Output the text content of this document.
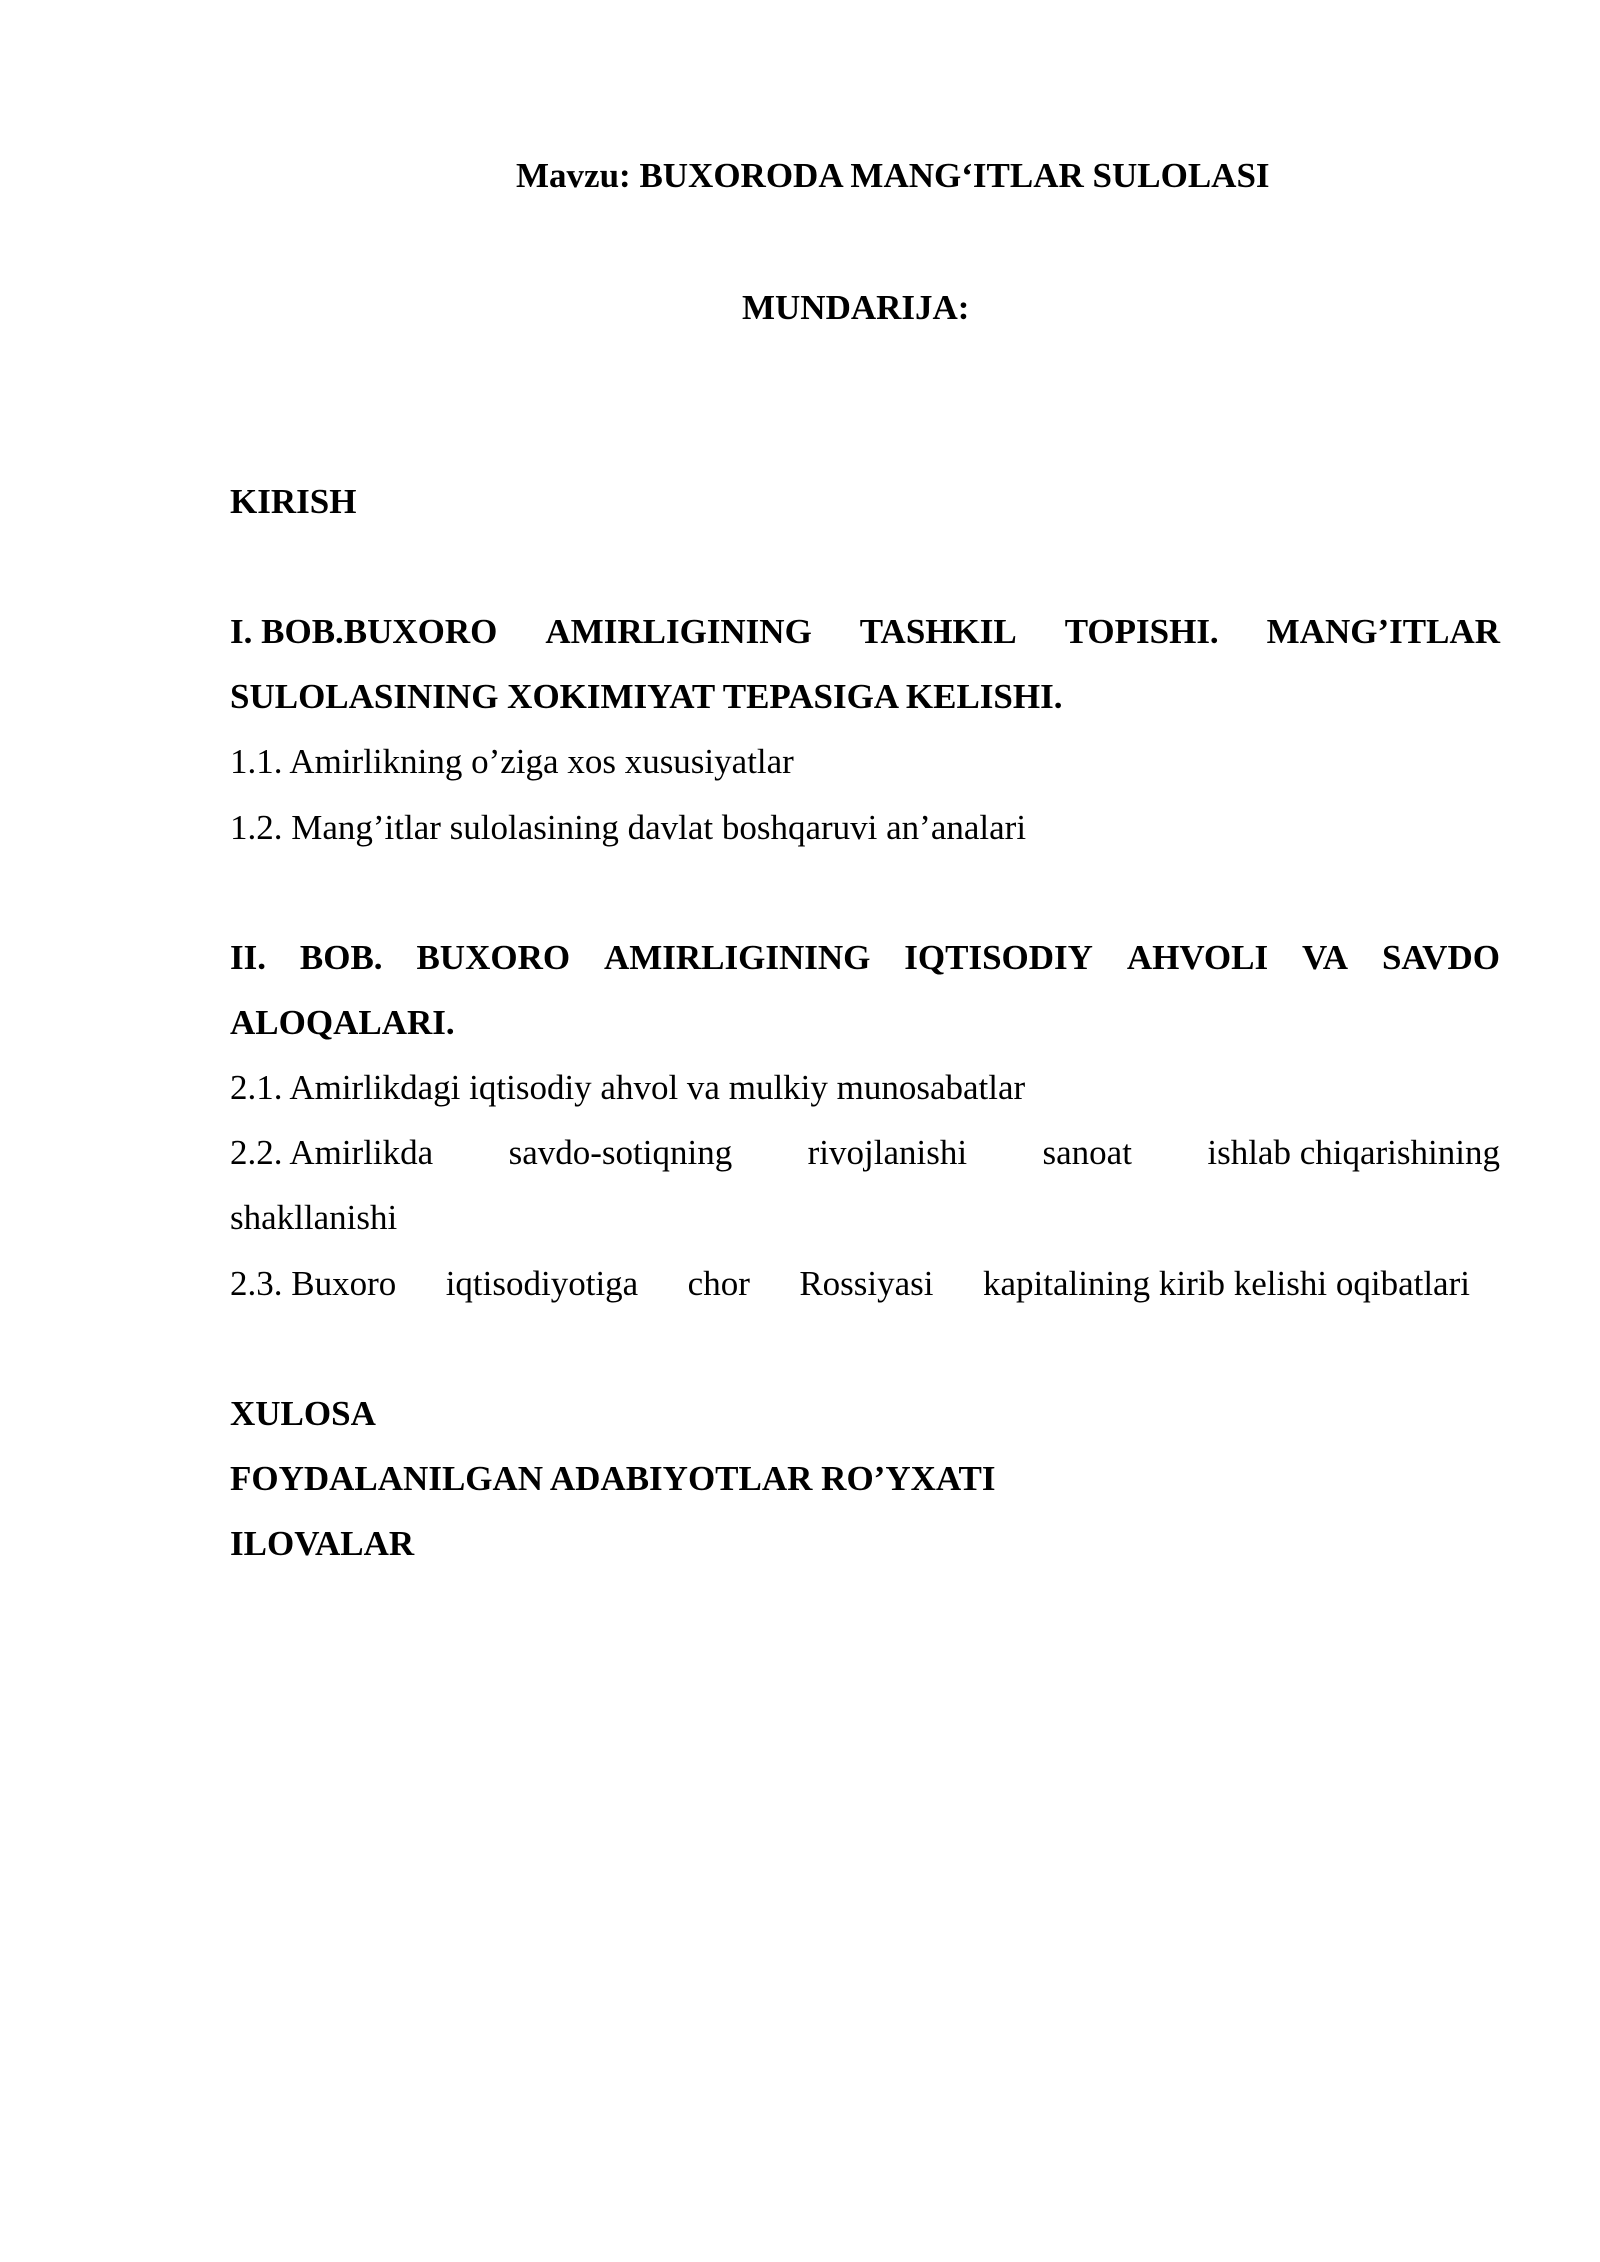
Mavzu: BUXORODA MANG‘ITLAR SULOLASI
MUNDARIJA:
KIRISH
I. BOB.BUXORO AMIRLIGINING TASHKIL TOPISHI. MANG’ITLAR
SULOLASINING XOKIMIYAT TEPASIGA KELISHI.
1.1. Amirlikning o’ziga xos xususiyatlar
1.2. Mang’itlar sulolasining davlat boshqaruvi an’analari
II. BOB. BUXORO AMIRLIGINING IQTISODIY AHVOLI VA SAVDO
ALOQALARI.
2.1. Amirlikdagi iqtisodiy ahvol va mulkiy munosabatlar
2.2. Amirlikda savdo-sotiqning rivojlanishi sanoat ishlab chiqarishining
shakllanishi
2.3. Buxoro iqtisodiyotiga chor Rossiyasi kapitalining kirib kelishi oqibatlari
XULOSA
FOYDALANILGAN ADABIYOTLAR RO’YXATI
ILOVALAR
